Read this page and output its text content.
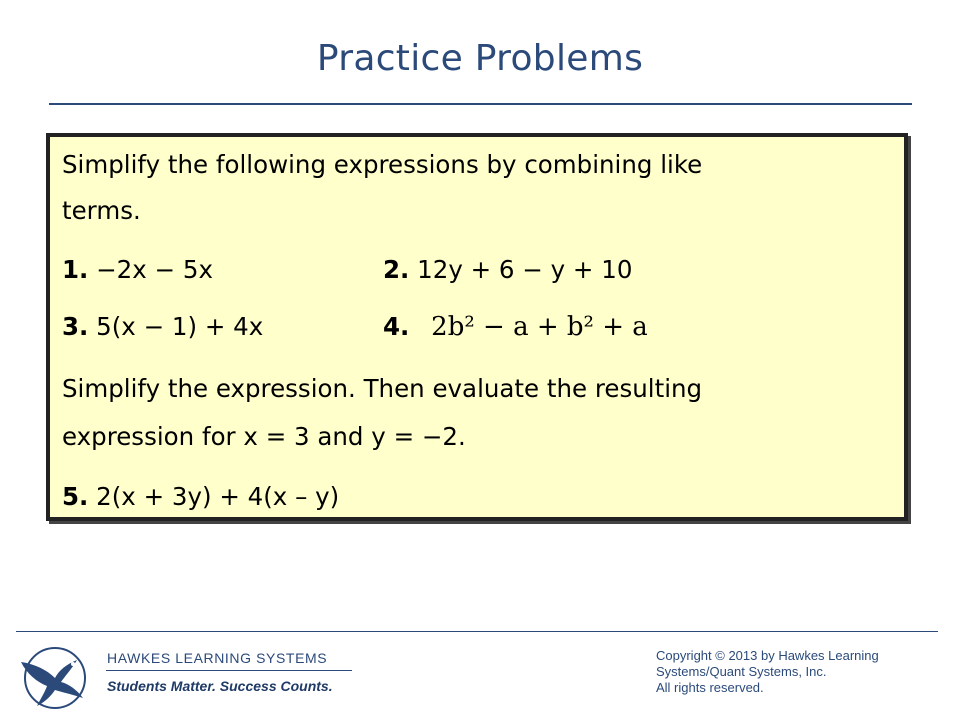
Practice Problems
Simplify the following expressions by combining like
terms.
1. −2x − 5x	2. 12y + 6 − y + 10
3. 5(x − 1) + 4x	4. 2b² − a + b² + a
Simplify the expression. Then evaluate the resulting
expression for x = 3 and y = −2.
5. 2(x + 3y) + 4(x – y)
HAWKES LEARNING SYSTEMS
Students Matter. Success Counts.
Copyright © 2013 by Hawkes Learning
Systems/Quant Systems, Inc.
All rights reserved.
